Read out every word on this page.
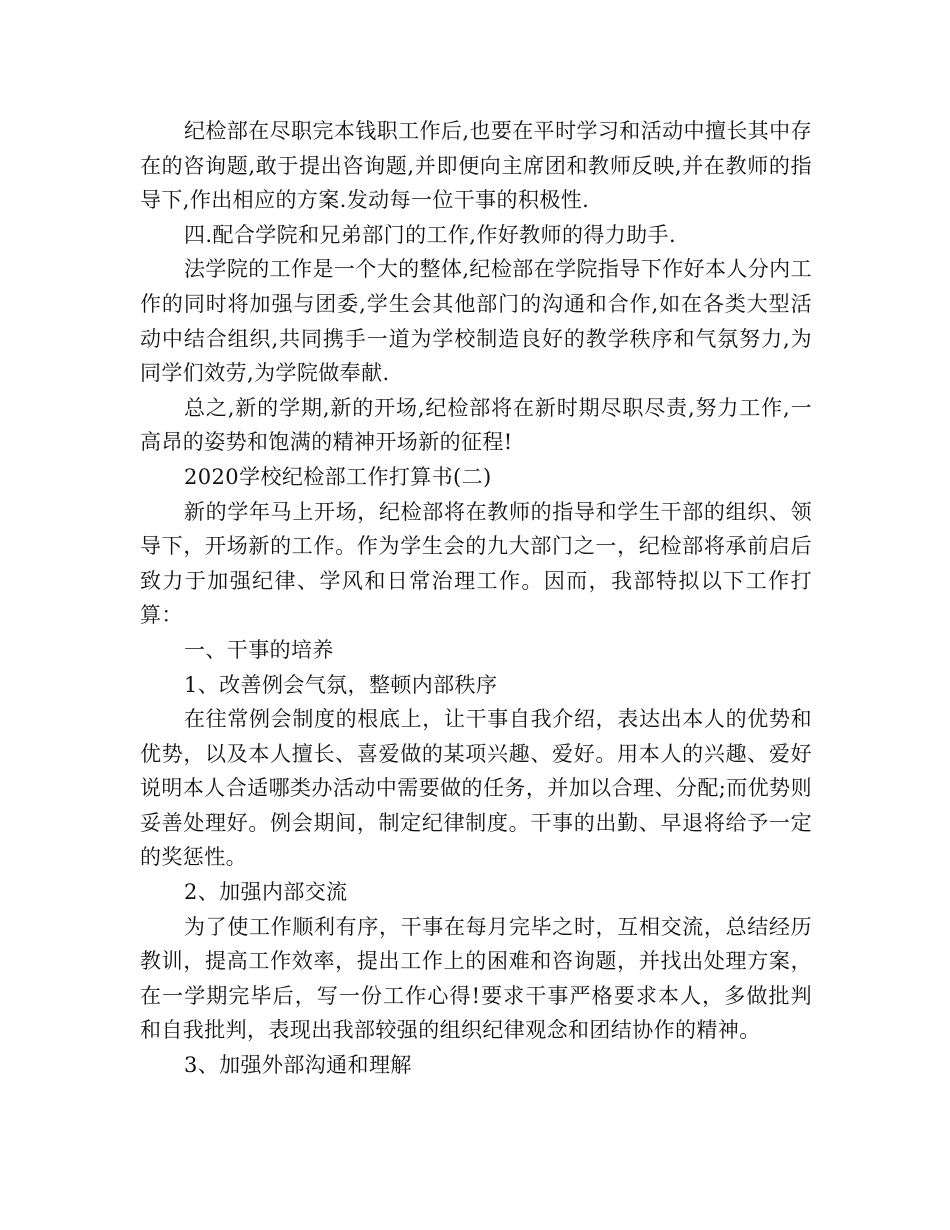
纪检部在尽职完本钱职工作后,也要在平时学习和活动中擅长其中存在的咨询题,敢于提出咨询题,并即便向主席团和教师反映,并在教师的指导下,作出相应的方案.发动每一位干事的积极性.

四.配合学院和兄弟部门的工作,作好教师的得力助手.

法学院的工作是一个大的整体,纪检部在学院指导下作好本人分内工作的同时将加强与团委,学生会其他部门的沟通和合作,如在各类大型活动中结合组织,共同携手一道为学校制造良好的教学秩序和气氛努力,为同学们效劳,为学院做奉献.

总之,新的学期,新的开场,纪检部将在新时期尽职尽责,努力工作,一高昂的姿势和饱满的精神开场新的征程!

2020学校纪检部工作打算书(二)

新的学年马上开场，纪检部将在教师的指导和学生干部的组织、领导下，开场新的工作。作为学生会的九大部门之一，纪检部将承前启后致力于加强纪律、学风和日常治理工作。因而，我部特拟以下工作打算：

一、干事的培养

1、改善例会气氛，整顿内部秩序

在往常例会制度的根底上，让干事自我介绍，表达出本人的优势和优势，以及本人擅长、喜爱做的某项兴趣、爱好。用本人的兴趣、爱好说明本人合适哪类办活动中需要做的任务，并加以合理、分配;而优势则妥善处理好。例会期间，制定纪律制度。干事的出勤、早退将给予一定的奖惩性。

2、加强内部交流

为了使工作顺利有序，干事在每月完毕之时，互相交流，总结经历教训，提高工作效率，提出工作上的困难和咨询题，并找出处理方案，在一学期完毕后，写一份工作心得!要求干事严格要求本人，多做批判和自我批判，表现出我部较强的组织纪律观念和团结协作的精神。

3、加强外部沟通和理解
